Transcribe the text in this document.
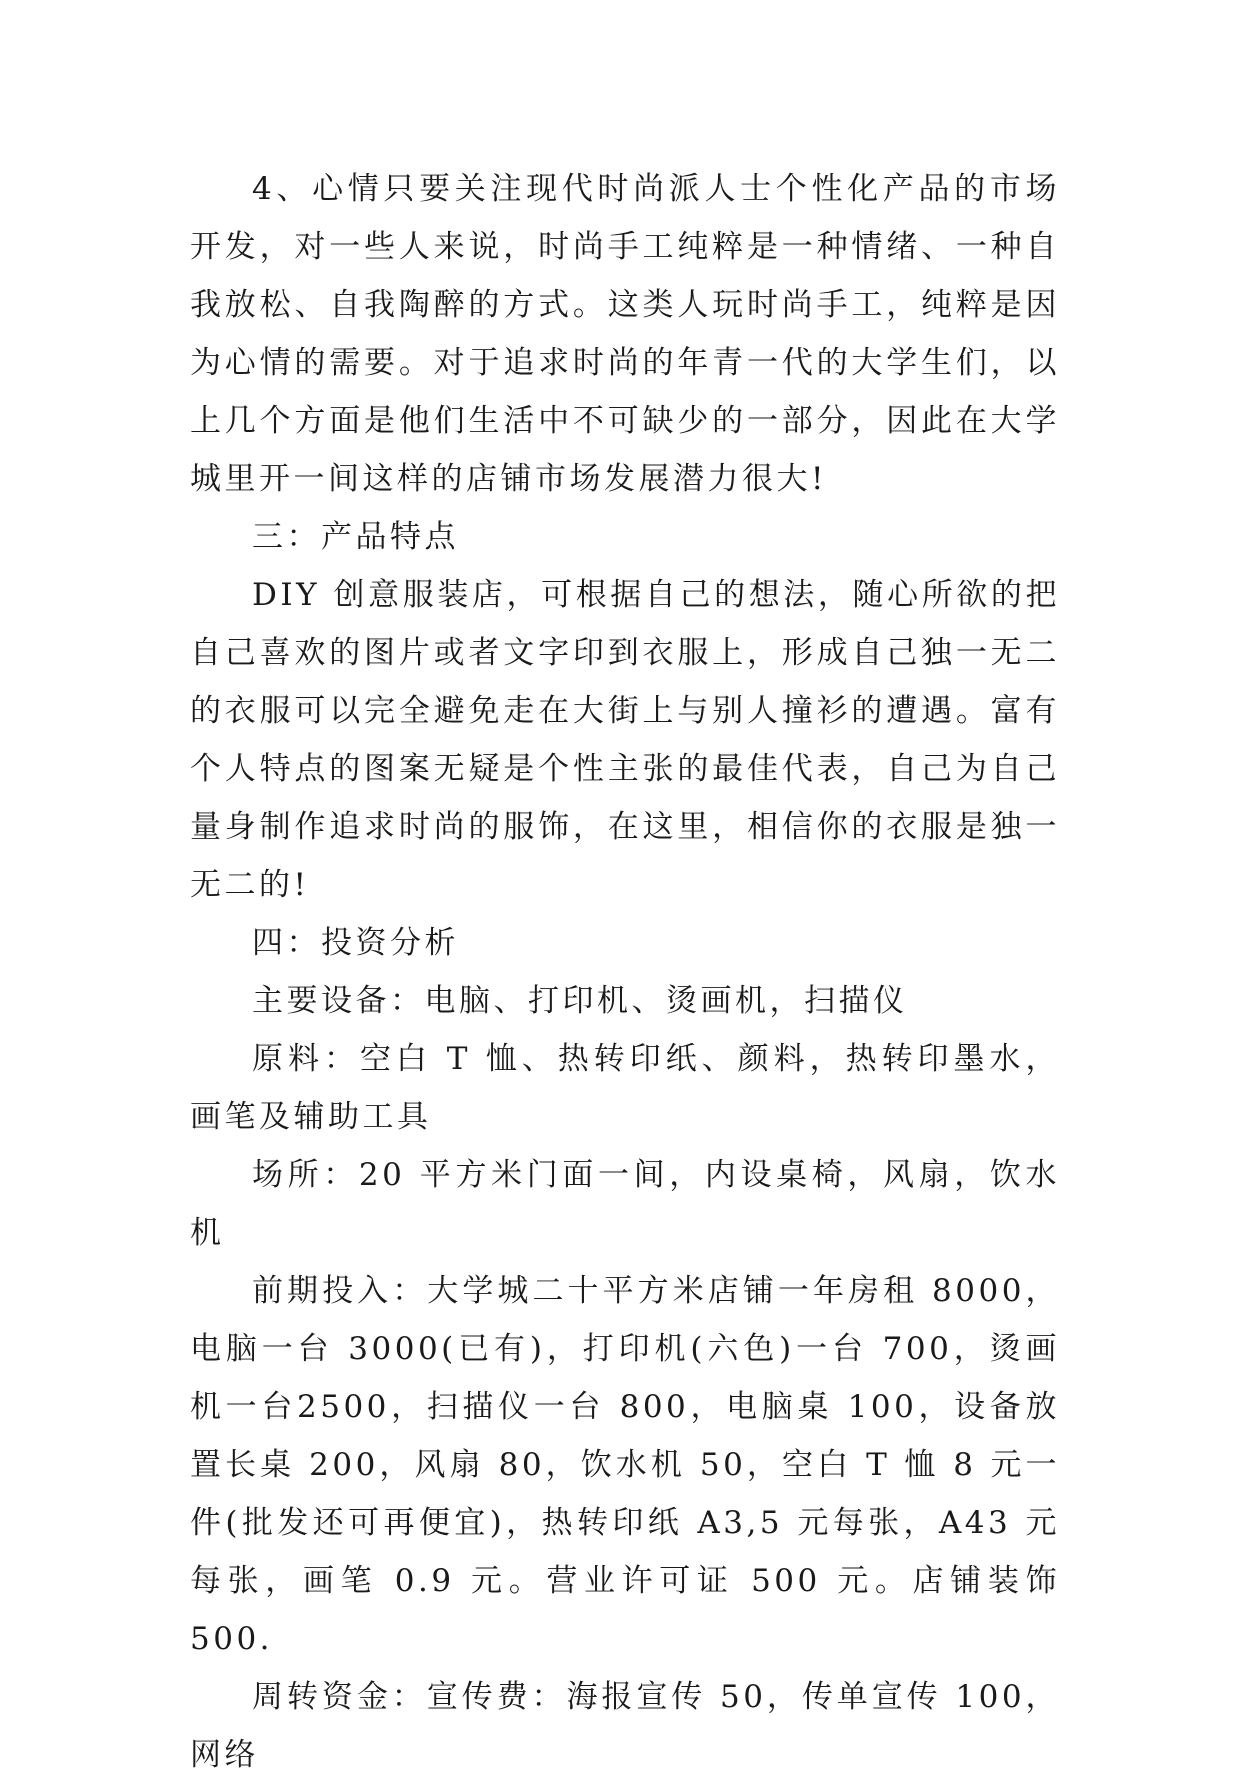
4、心情只要关注现代时尚派人士个性化产品的市场开发，对一些人来说，时尚手工纯粹是一种情绪、一种自我放松、自我陶醉的方式。这类人玩时尚手工，纯粹是因为心情的需要。对于追求时尚的年青一代的大学生们，以上几个方面是他们生活中不可缺少的一部分，因此在大学城里开一间这样的店铺市场发展潜力很大!

三：产品特点

DIY 创意服装店，可根据自己的想法，随心所欲的把自己喜欢的图片或者文字印到衣服上，形成自己独一无二的衣服可以完全避免走在大街上与别人撞衫的遭遇。富有个人特点的图案无疑是个性主张的最佳代表，自己为自己量身制作追求时尚的服饰，在这里，相信你的衣服是独一无二的!

四：投资分析

主要设备：电脑、打印机、烫画机，扫描仪

原料：空白 T 恤、热转印纸、颜料，热转印墨水，画笔及辅助工具

场所：20 平方米门面一间，内设桌椅，风扇，饮水机

前期投入：大学城二十平方米店铺一年房租 8000，电脑一台 3000(已有)，打印机(六色)一台 700，烫画机一台2500，扫描仪一台 800，电脑桌 100，设备放置长桌 200，风扇 80，饮水机 50，空白 T 恤 8 元一件(批发还可再便宜)，热转印纸 A3,5 元每张，A43 元每张，画笔 0.9 元。营业许可证 500 元。店铺装饰 500.

周转资金：宣传费：海报宣传 50，传单宣传 100，网络
